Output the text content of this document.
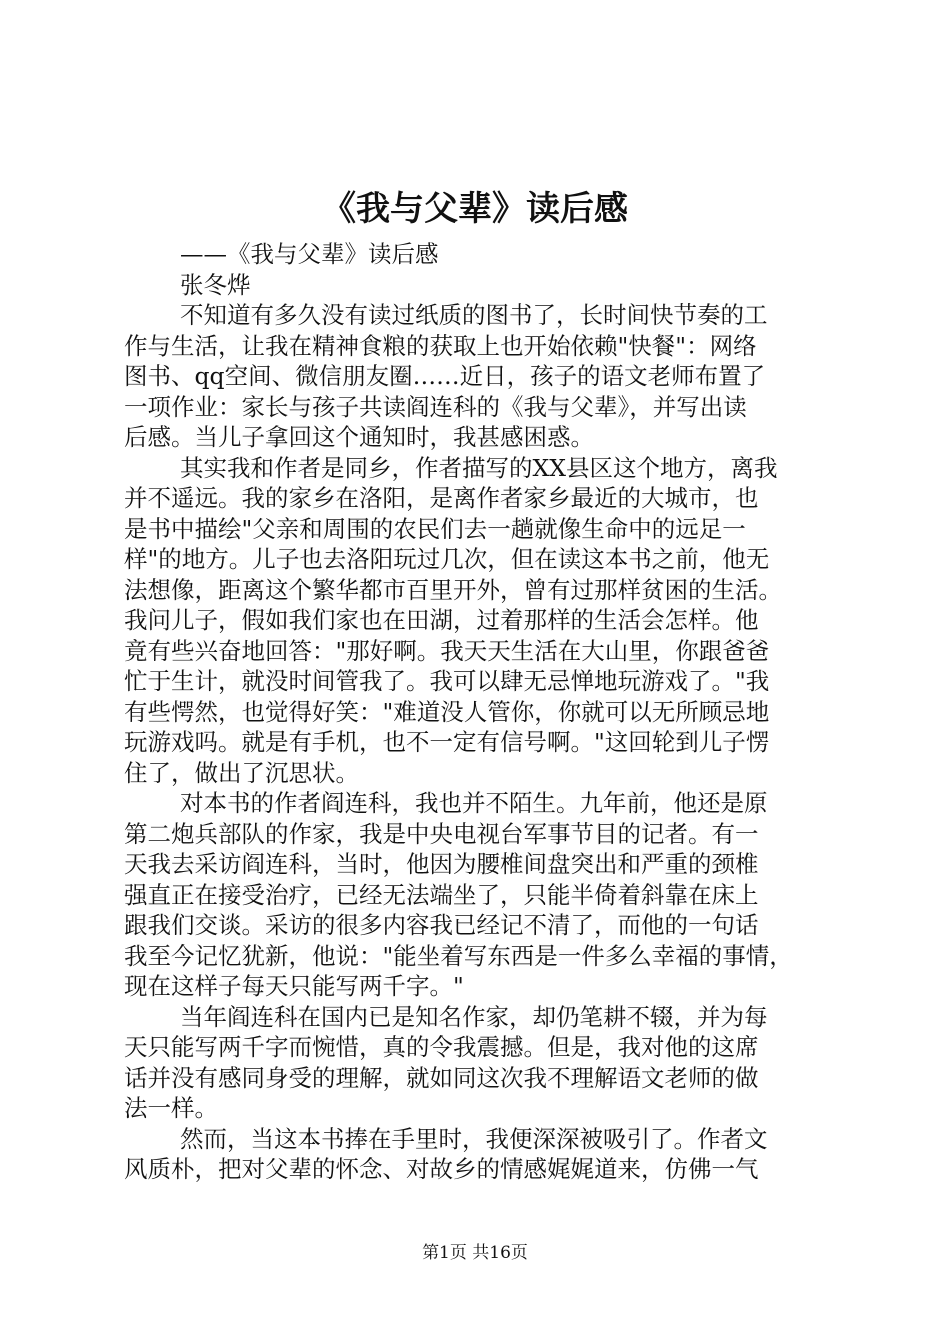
《我与父辈》读后感
——《我与父辈》读后感
张冬烨
不知道有多久没有读过纸质的图书了，长时间快节奏的工
作与生活，让我在精神食粮的获取上也开始依赖"快餐"：网络
图书、qq空间、微信朋友圈……近日，孩子的语文老师布置了
一项作业：家长与孩子共读阎连科的《我与父辈》，并写出读
后感。当儿子拿回这个通知时，我甚感困惑。
其实我和作者是同乡，作者描写的XX县区这个地方，离我
并不遥远。我的家乡在洛阳，是离作者家乡最近的大城市，也
是书中描绘"父亲和周围的农民们去一趟就像生命中的远足一
样"的地方。儿子也去洛阳玩过几次，但在读这本书之前，他无
法想像，距离这个繁华都市百里开外，曾有过那样贫困的生活。
我问儿子，假如我们家也在田湖，过着那样的生活会怎样。他
竟有些兴奋地回答："那好啊。我天天生活在大山里，你跟爸爸
忙于生计，就没时间管我了。我可以肆无忌惮地玩游戏了。"我
有些愕然，也觉得好笑："难道没人管你，你就可以无所顾忌地
玩游戏吗。就是有手机，也不一定有信号啊。"这回轮到儿子愣
住了，做出了沉思状。
对本书的作者阎连科，我也并不陌生。九年前，他还是原
第二炮兵部队的作家，我是中央电视台军事节目的记者。有一
天我去采访阎连科，当时，他因为腰椎间盘突出和严重的颈椎
强直正在接受治疗，已经无法端坐了，只能半倚着斜靠在床上
跟我们交谈。采访的很多内容我已经记不清了，而他的一句话
我至今记忆犹新，他说："能坐着写东西是一件多么幸福的事情，
现在这样子每天只能写两千字。"
当年阎连科在国内已是知名作家，却仍笔耕不辍，并为每
天只能写两千字而惋惜，真的令我震撼。但是，我对他的这席
话并没有感同身受的理解，就如同这次我不理解语文老师的做
法一样。
然而，当这本书捧在手里时，我便深深被吸引了。作者文
风质朴，把对父辈的怀念、对故乡的情感娓娓道来，仿佛一气
第1页 共16页
